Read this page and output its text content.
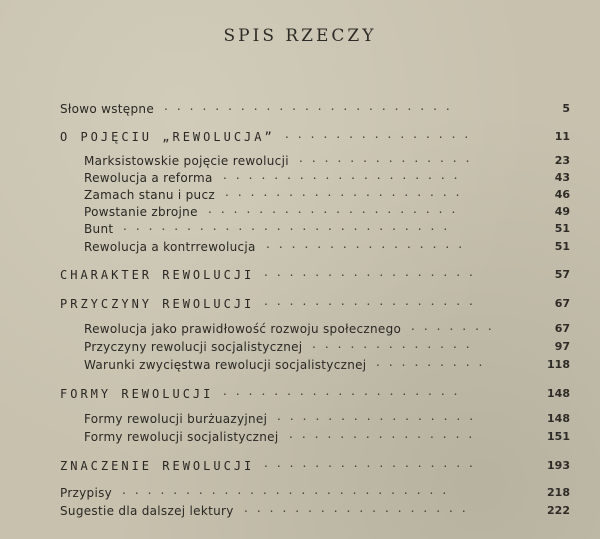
SPIS RZECZY
Słowo wstępne .......................	5
O POJĘCIU „REWOLUCJA” ...............	11
Marksistowskie pojęcie rewolucji ..............	23
Rewolucja a reforma ...................	43
Zamach stanu i pucz ...................	46
Powstanie zbrojne ....................	49
Bunt ..........................	51
Rewolucja a kontrrewolucja ................	51
CHARAKTER REWOLUCJI .................	57
PRZYCZYNY REWOLUCJI .................	67
Rewolucja jako prawidłowość rozwoju społecznego .......	67
Przyczyny rewolucji socjalistycznej .............	97
Warunki zwycięstwa rewolucji socjalistycznej .........	118
FORMY REWOLUCJI ...................	148
Formy rewolucji burżuazyjnej ................	148
Formy rewolucji socjalistycznej ...............	151
ZNACZENIE REWOLUCJI .................	193
Przypisy ..........................	218
Sugestie dla dalszej lektury ..................	222
